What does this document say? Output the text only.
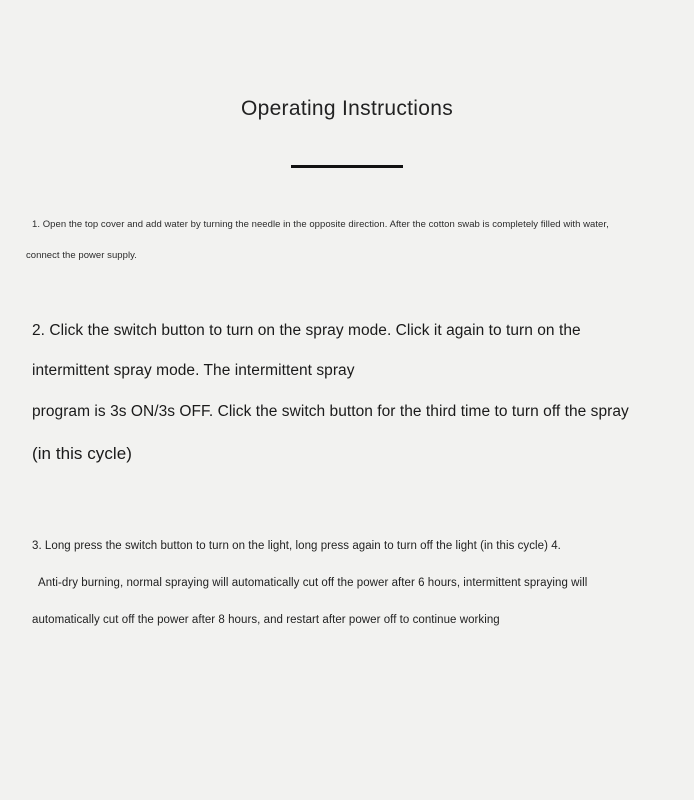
Operating Instructions
1. Open the top cover and add water by turning the needle in the opposite direction. After the cotton swab is completely filled with water,
connect the power supply.
2. Click the switch button to turn on the spray mode. Click it again to turn on the
intermittent spray mode. The intermittent spray
program is 3s ON/3s OFF. Click the switch button for the third time to turn off the spray
(in this cycle)
3. Long press the switch button to turn on the light, long press again to turn off the light (in this cycle) 4.
Anti-dry burning, normal spraying will automatically cut off the power after 6 hours, intermittent spraying will
automatically cut off the power after 8 hours, and restart after power off to continue working
